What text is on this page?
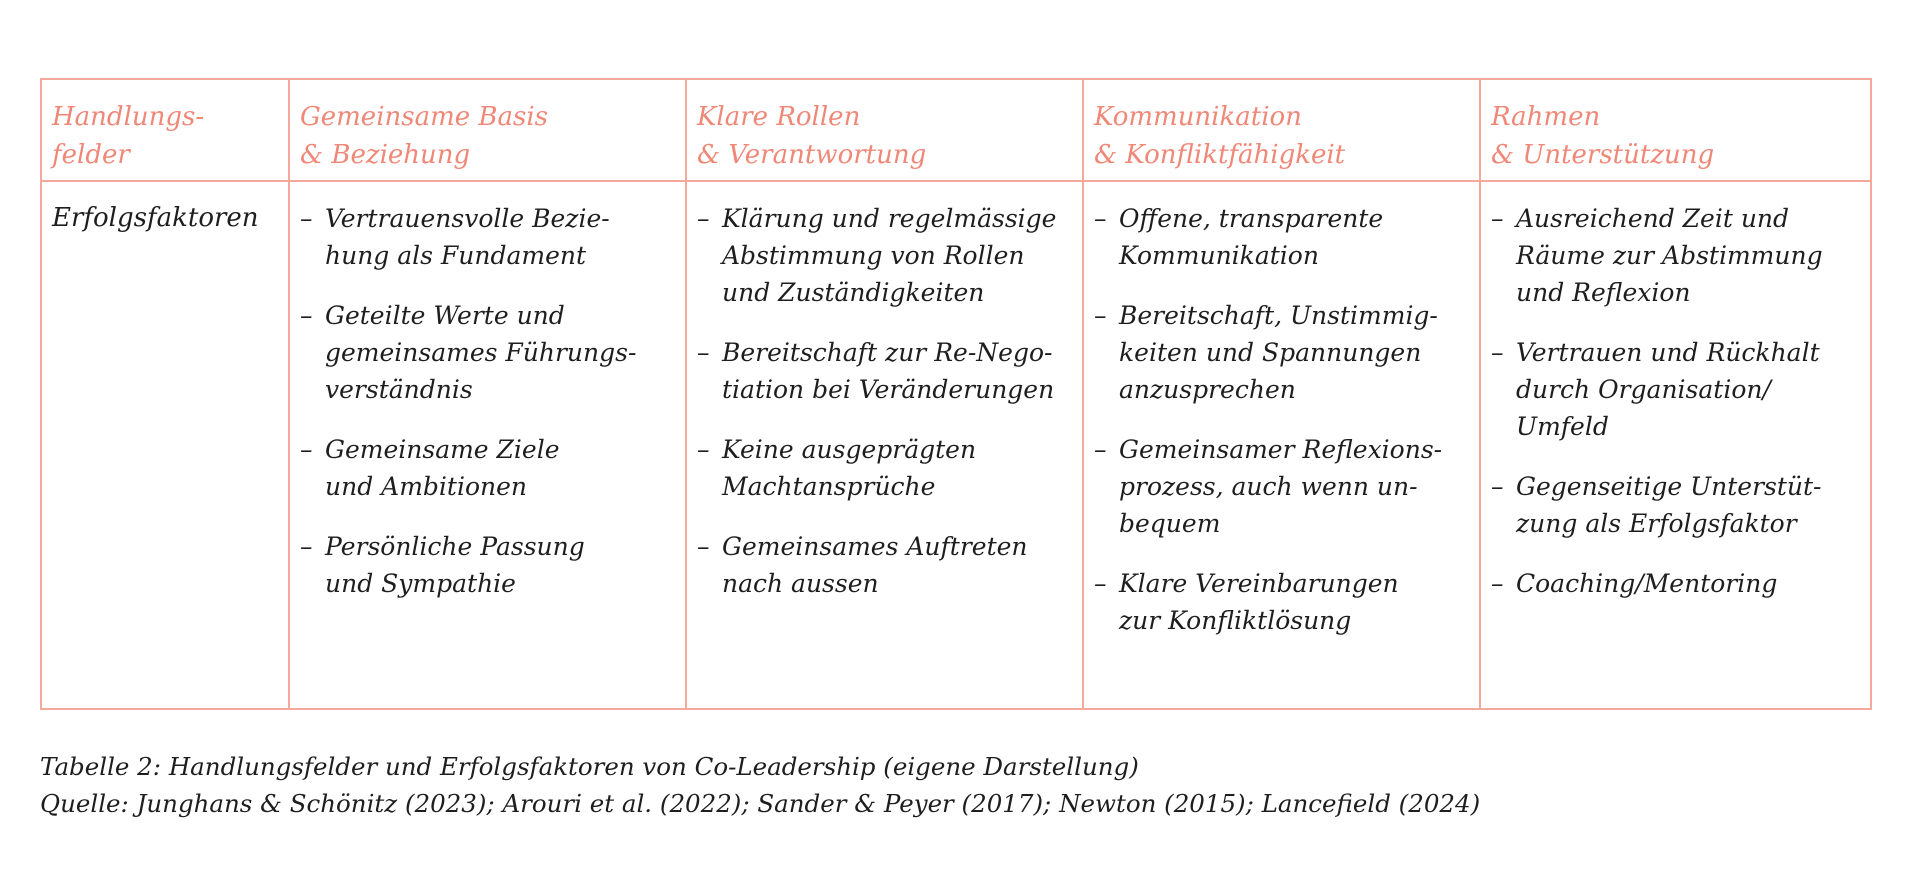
Handlungs-
felder
Erfolgsfaktoren
Gemeinsame Basis
& Beziehung
– Vertrauensvolle Bezie-
hung als Fundament
– Geteilte Werte und
gemeinsames Führungs-
verständnis
– Gemeinsame Ziele
und Ambitionen
– Persönliche Passung
und Sympathie
Klare Rollen
& Verantwortung
– Klärung und regelmässige
Abstimmung von Rollen
und Zuständigkeiten
– Bereitschaft zur Re-Nego-
tiation bei Veränderungen
– Keine ausgeprägten
Machtansprüche
– Gemeinsames Auftreten
nach aussen
Kommunikation
& Konfliktfähigkeit
– Offene, transparente
Kommunikation
– Bereitschaft, Unstimmig-
keiten und Spannungen
anzusprechen
– Gemeinsamer Reflexions-
prozess, auch wenn un-
bequem
– Klare Vereinbarungen
zur Konfliktlösung
Rahmen
& Unterstützung
– Ausreichend Zeit und
Räume zur Abstimmung
und Reflexion
– Vertrauen und Rückhalt
durch Organisation/
Umfeld
– Gegenseitige Unterstüt-
zung als Erfolgsfaktor
– Coaching/Mentoring
Tabelle 2: Handlungsfelder und Erfolgsfaktoren von Co-Leadership (eigene Darstellung)
Quelle: Junghans & Schönitz (2023); Arouri et al. (2022); Sander & Peyer (2017); Newton (2015); Lancefield (2024)
